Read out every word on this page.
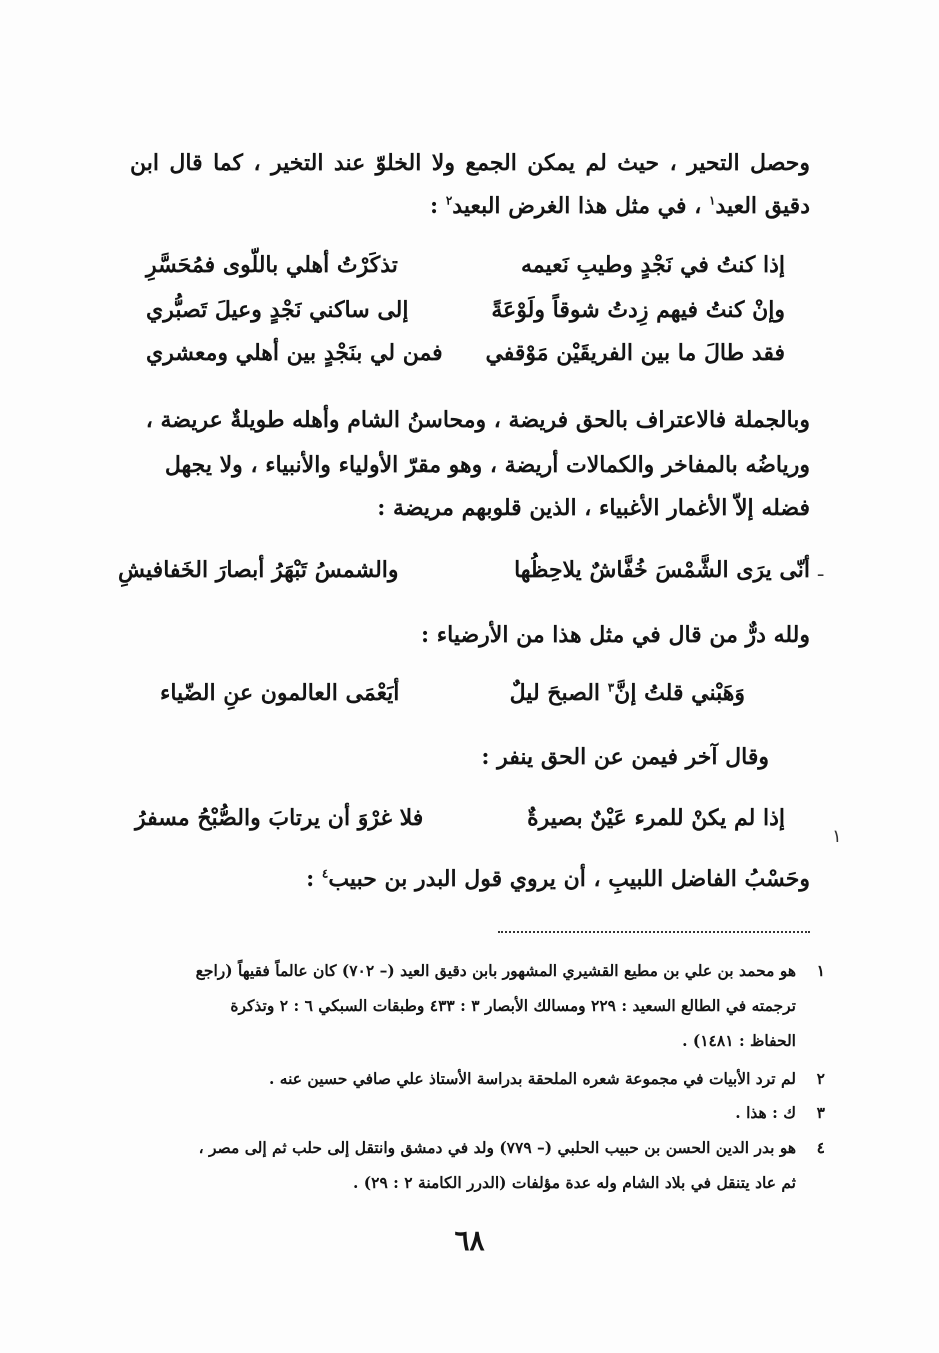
وحصل التحير ، حيث لم يمكن الجمع ولا الخلوّ عند التخير ، كما قال ابن
دقيق العيد$^١$ ، في مثل هذا الغرض البعيد$^٢$ :
إذا كنتُ في نَجْدٍ وطيبِ نَعيمه
تذكَرْتُ أهلي باللّوى فمُحَسَّرِ
وإنْ كنتُ فيهم زِدتُ شوقاً ولَوْعَةً
إلى ساكني نَجْدٍ وعيلَ تَصبُّري
فقد طالَ ما بين الفريقَيْن مَوْقفي
فمن لي بنَجْدٍ بين أهلي ومعشري
وبالجملة فالاعتراف بالحق فريضة ، ومحاسنُ الشام وأهله طويلةٌ عريضة ،
ورياضُه بالمفاخر والكمالات أريضة ، وهو مقرّ الأولياء والأنبياء ، ولا يجهل
فضله إلاّ الأغمار الأغبياء ، الذين قلوبهم مريضة :
ـ
أنّى يرَى الشَّمْسَ خُفَّاشٌ يلاحِظُها
والشمسُ تَبْهَرُ أبصارَ الخَفافيشِ
ولله درٌّ من قال في مثل هذا من الأرضياء :
وَهَبْني قلتُ إنَّ$^٣$ الصبحَ ليلٌ
أيَعْمَى العالمون عنِ الضّياء
وقال آخر فيمن عن الحق ينفر :
إذا لم يكنْ للمرء عَيْنٌ بصيرةٌ
فلا غرْوَ أن يرتابَ والصُّبْحُ مسفرُ
١
وحَسْبُ الفاضل اللبيبِ ، أن يروي قول البدر بن حبيب$^٤$ :
١
هو محمد بن علي بن مطيع القشيري المشهور بابن دقيق العيد (– ٧٠٢) كان عالماً فقيهاً (راجع
ترجمته في الطالع السعيد : ٢٢٩ ومسالك الأبصار ٣ : ٤٣٣ وطبقات السبكي ٦ : ٢ وتذكرة
الحفاظ : ١٤٨١) .
٢
لم ترد الأبيات في مجموعة شعره الملحقة بدراسة الأستاذ علي صافي حسين عنه .
٣
ك : هذا .
٤
هو بدر الدين الحسن بن حبيب الحلبي (– ٧٧٩) ولد في دمشق وانتقل إلى حلب ثم إلى مصر ،
ثم عاد يتنقل في بلاد الشام وله عدة مؤلفات (الدرر الكامنة ٢ : ٢٩) .
٦٨
